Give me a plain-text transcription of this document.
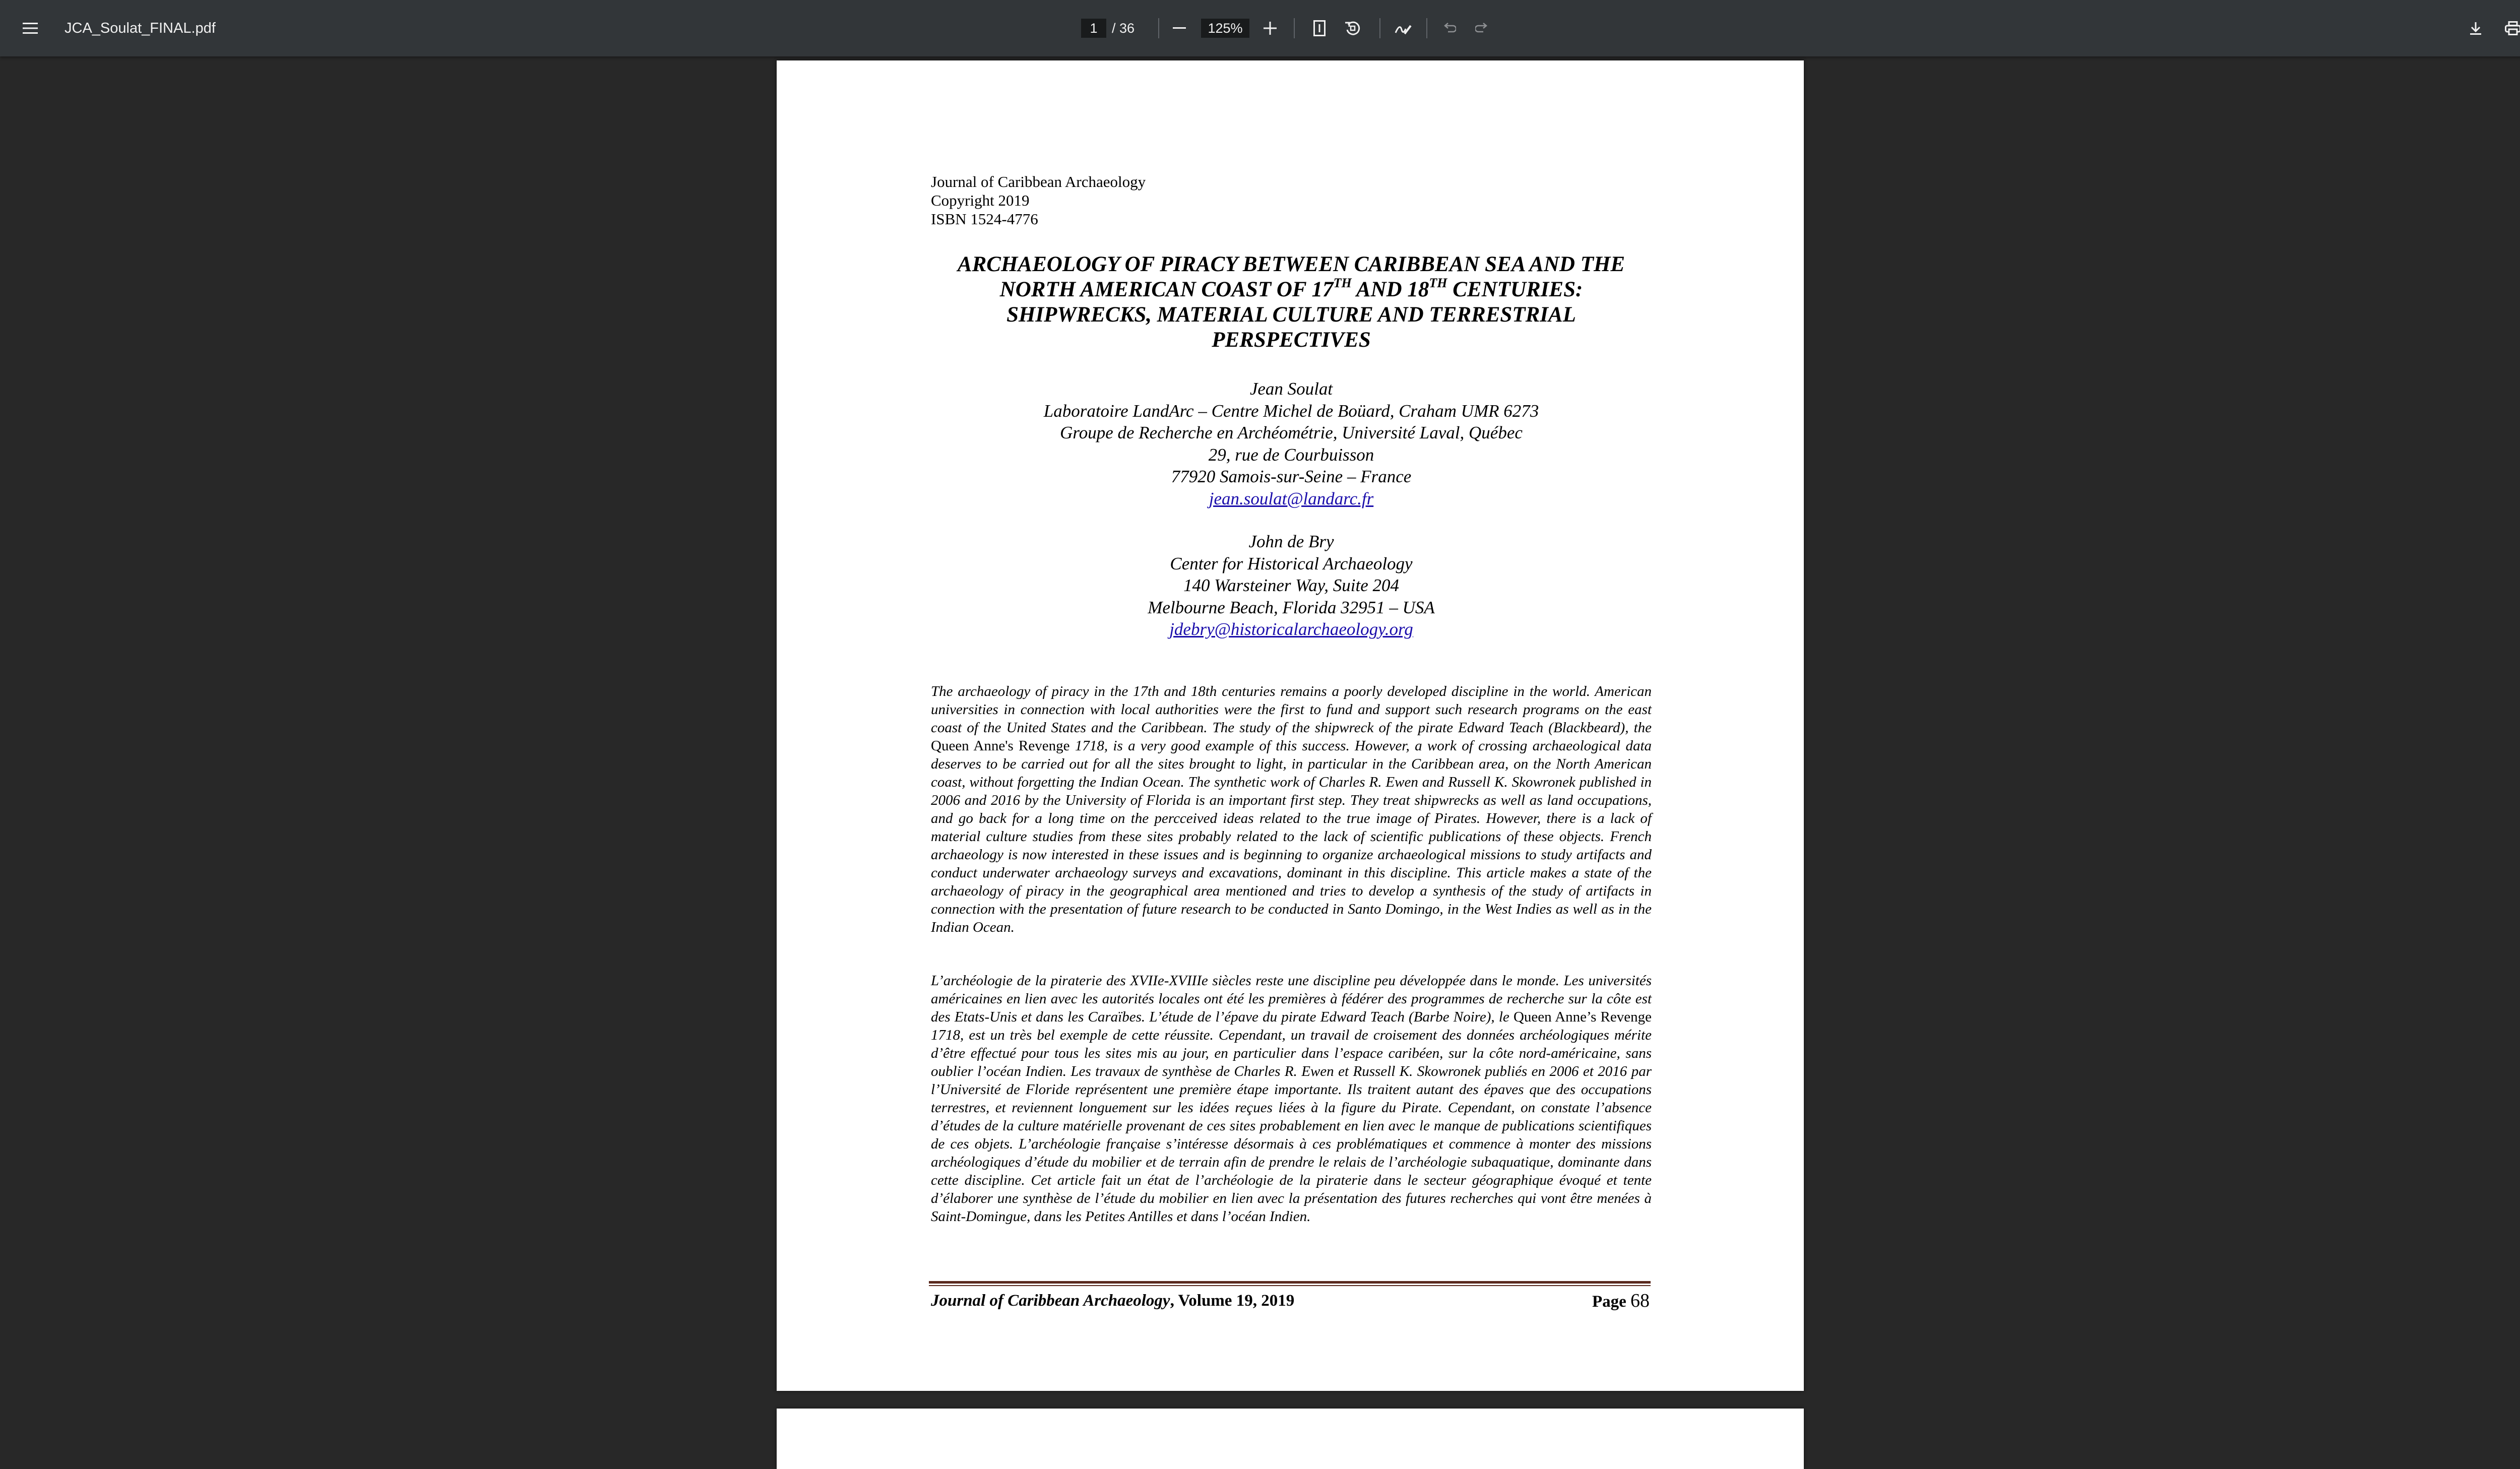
JCA_Soulat_FINAL.pdf
1	/ 36
125%
Journal of Caribbean Archaeology
Copyright 2019
ISBN 1524-4776
ARCHAEOLOGY OF PIRACY BETWEEN CARIBBEAN SEA AND THE
NORTH AMERICAN COAST OF 17TH AND 18TH CENTURIES:
SHIPWRECKS, MATERIAL CULTURE AND TERRESTRIAL
PERSPECTIVES
Jean Soulat
Laboratoire LandArc – Centre Michel de Boüard, Craham UMR 6273
Groupe de Recherche en Archéométrie, Université Laval, Québec
29, rue de Courbuisson
77920 Samois-sur-Seine – France
jean.soulat@landarc.fr
John de Bry
Center for Historical Archaeology
140 Warsteiner Way, Suite 204
Melbourne Beach, Florida 32951 – USA
jdebry@historicalarchaeology.org
The archaeology of piracy in the 17th and 18th centuries remains a poorly developed discipline in the world. American universities in connection with local authorities were the first to fund and support such research programs on the east coast of the United States and the Caribbean. The study of the shipwreck of the pirate Edward Teach (Blackbeard), the Queen Anne's Revenge 1718, is a very good example of this success. However, a work of crossing archaeological data deserves to be carried out for all the sites brought to light, in particular in the Caribbean area, on the North American coast, without forgetting the Indian Ocean. The synthetic work of Charles R. Ewen and Russell K. Skowronek published in 2006 and 2016 by the University of Florida is an important first step. They treat shipwrecks as well as land occupations, and go back for a long time on the percceived ideas related to the true image of Pirates. However, there is a lack of material culture studies from these sites probably related to the lack of scientific publications of these objects. French archaeology is now interested in these issues and is beginning to organize archaeological missions to study artifacts and conduct underwater archaeology surveys and excavations, dominant in this discipline. This article makes a state of the archaeology of piracy in the geographical area mentioned and tries to develop a synthesis of the study of artifacts in connection with the presentation of future research to be conducted in Santo Domingo, in the West Indies as well as in the Indian Ocean.
L’archéologie de la piraterie des XVIIe-XVIIIe siècles reste une discipline peu développée dans le monde. Les universités américaines en lien avec les autorités locales ont été les premières à fédérer des programmes de recherche sur la côte est des Etats-Unis et dans les Caraïbes. L’étude de l’épave du pirate Edward Teach (Barbe Noire), le Queen Anne’s Revenge 1718, est un très bel exemple de cette réussite. Cependant, un travail de croisement des données archéologiques mérite d’être effectué pour tous les sites mis au jour, en particulier dans l’espace caribéen, sur la côte nord-américaine, sans oublier l’océan Indien. Les travaux de synthèse de Charles R. Ewen et Russell K. Skowronek publiés en 2006 et 2016 par l’Université de Floride représentent une première étape importante. Ils traitent autant des épaves que des occupations terrestres, et reviennent longuement sur les idées reçues liées à la figure du Pirate. Cependant, on constate l’absence d’études de la culture matérielle provenant de ces sites probablement en lien avec le manque de publications scientifiques de ces objets. L’archéologie française s’intéresse désormais à ces problématiques et commence à monter des missions archéologiques d’étude du mobilier et de terrain afin de prendre le relais de l’archéologie subaquatique, dominante dans cette discipline. Cet article fait un état de l’archéologie de la piraterie dans le secteur géographique évoqué et tente d’élaborer une synthèse de l’étude du mobilier en lien avec la présentation des futures recherches qui vont être menées à Saint-Domingue, dans les Petites Antilles et dans l’océan Indien.
Journal of Caribbean Archaeology, Volume 19, 2019	Page 68
